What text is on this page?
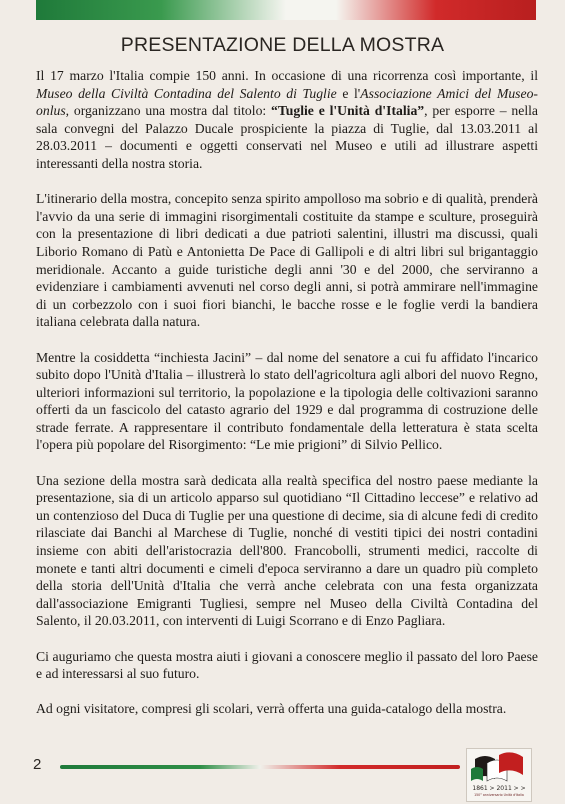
PRESENTAZIONE DELLA MOSTRA

Il 17 marzo l'Italia compie 150 anni. In occasione di una ricorrenza così importante, il Museo della Civiltà Contadina del Salento di Tuglie e l'Associazione Amici del Museo-onlus, organizzano una mostra dal titolo: “Tuglie e l'Unità d'Italia”, per esporre – nella sala convegni del Palazzo Ducale prospiciente la piazza di Tuglie, dal 13.03.2011 al 28.03.2011 – documenti e oggetti conservati nel Museo e utili ad illustrare aspetti interessanti della nostra storia.

L'itinerario della mostra, concepito senza spirito ampolloso ma sobrio e di qualità, prenderà l'avvio da una serie di immagini risorgimentali costituite da stampe e sculture, proseguirà con la presentazione di libri dedicati a due patrioti salentini, illustri ma discussi, quali Liborio Romano di Patù e Antonietta De Pace di Gallipoli e di altri libri sul brigantaggio meridionale. Accanto a guide turistiche degli anni '30 e del 2000, che serviranno a evidenziare i cambiamenti avvenuti nel corso degli anni, si potrà ammirare nell'immagine di un corbezzolo con i suoi fiori bianchi, le bacche rosse e le foglie verdi la bandiera italiana celebrata dalla natura.

Mentre la cosiddetta “inchiesta Jacini” – dal nome del senatore a cui fu affidato l'incarico subito dopo l'Unità d'Italia – illustrerà lo stato dell'agricoltura agli albori del nuovo Regno, ulteriori informazioni sul territorio, la popolazione e la tipologia delle coltivazioni saranno offerti da un fascicolo del catasto agrario del 1929 e dal programma di costruzione delle strade ferrate. A rappresentare il contributo fondamentale della letteratura è stata scelta l'opera più popolare del Risorgimento: “Le mie prigioni” di Silvio Pellico.

Una sezione della mostra sarà dedicata alla realtà specifica del nostro paese mediante la presentazione, sia di un articolo apparso sul quotidiano “Il Cittadino leccese” e relativo ad un contenzioso del Duca di Tuglie per una questione di decime, sia di alcune fedi di credito rilasciate dai Banchi al Marchese di Tuglie, nonché di vestiti tipici dei nostri contadini insieme con abiti dell'aristocrazia dell'800. Francobolli, strumenti medici, raccolte di monete e tanti altri documenti e cimeli d'epoca serviranno a dare un quadro più completo della storia dell'Unità d'Italia che verrà anche celebrata con una festa organizzata dall'associazione Emigranti Tugliesi, sempre nel Museo della Civiltà Contadina del Salento, il 20.03.2011, con interventi di Luigi Scorrano e di Enzo Pagliara.

Ci auguriamo che questa mostra aiuti i giovani a conoscere meglio il passato del loro Paese e ad interessarsi al suo futuro.

Ad ogni visitatore, compresi gli scolari, verrà offerta una guida-catalogo della mostra.

2
1861 > 2011 > >
150° anniversario Unità d'Italia
